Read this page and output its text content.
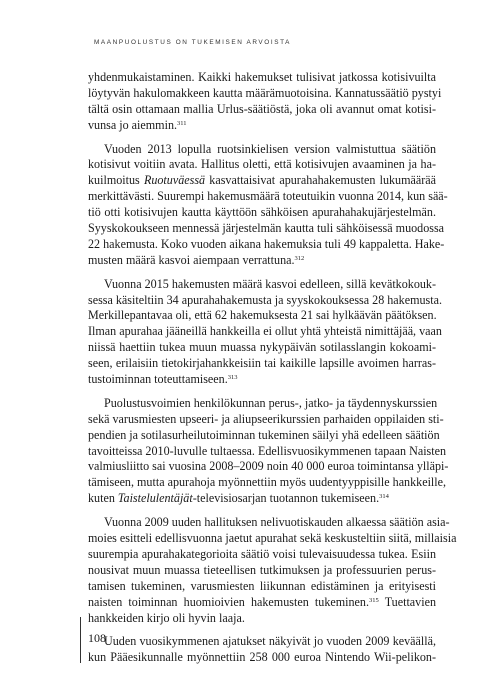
MAANPUOLUSTUS ON TUKEMISEN ARVOISTA
yhdenmukaistaminen. Kaikki hakemukset tulisivat jatkossa kotisivuilta
löytyvän hakulomakkeen kautta määrämuotoisina. Kannatussäätiö pystyi
tältä osin ottamaan mallia Urlus-säätiöstä, joka oli avannut omat kotisi-
vunsa jo aiemmin.$^{311}$
Vuoden 2013 lopulla ruotsinkielisen version valmistuttua säätiön
kotisivut voitiin avata. Hallitus oletti, että kotisivujen avaaminen ja ha-
kuilmoitus Ruotuväessä kasvattaisivat apurahahakemusten lukumäärää
merkittävästi. Suurempi hakemusmäärä toteutuikin vuonna 2014, kun sää-
tiö otti kotisivujen kautta käyttöön sähköisen apurahahakujärjestelmän.
Syyskokoukseen mennessä järjestelmän kautta tuli sähköisessä muodossa
22 hakemusta. Koko vuoden aikana hakemuksia tuli 49 kappaletta. Hake-
musten määrä kasvoi aiempaan verrattuna.$^{312}$
Vuonna 2015 hakemusten määrä kasvoi edelleen, sillä kevätkokouk-
sessa käsiteltiin 34 apurahahakemusta ja syyskokouksessa 28 hakemusta.
Merkillepantavaa oli, että 62 hakemuksesta 21 sai hylkäävän päätöksen.
Ilman apurahaa jääneillä hankkeilla ei ollut yhtä yhteistä nimittäjää, vaan
niissä haettiin tukea muun muassa nykypäivän sotilasslangin kokoami-
seen, erilaisiin tietokirjahankkeisiin tai kaikille lapsille avoimen harras-
tustoiminnan toteuttamiseen.$^{313}$
Puolustusvoimien henkilökunnan perus-, jatko- ja täydennyskurssien
sekä varusmiesten upseeri- ja aliupseerikurssien parhaiden oppilaiden sti-
pendien ja sotilasurheilutoiminnan tukeminen säilyi yhä edelleen säätiön
tavoitteissa 2010-luvulle tultaessa. Edellisvuosikymmenen tapaan Naisten
valmiusliitto sai vuosina 2008–2009 noin 40 000 euroa toimintansa ylläpi-
tämiseen, mutta apurahoja myönnettiin myös uudentyyppisille hankkeille,
kuten Taistelulentäjät-televisiosarjan tuotannon tukemiseen.$^{314}$
Vuonna 2009 uuden hallituksen nelivuotiskauden alkaessa säätiön asia-
moies esitteli edellisvuonna jaetut apurahat sekä keskusteltiin siitä, millaisia
suurempia apurahakategorioita säätiö voisi tulevaisuudessa tukea. Esiin
nousivat muun muassa tieteellisen tutkimuksen ja professuurien perus-
tamisen tukeminen, varusmiesten liikunnan edistäminen ja erityisesti
naisten toiminnan huomioivien hakemusten tukeminen.$^{315}$ Tuettavien
hankkeiden kirjo oli hyvin laaja.
Uuden vuosikymmenen ajatukset näkyivät jo vuoden 2009 keväällä,
kun Pääesikunnalle myönnettiin 258 000 euroa Nintendo Wii-pelikon-
108
